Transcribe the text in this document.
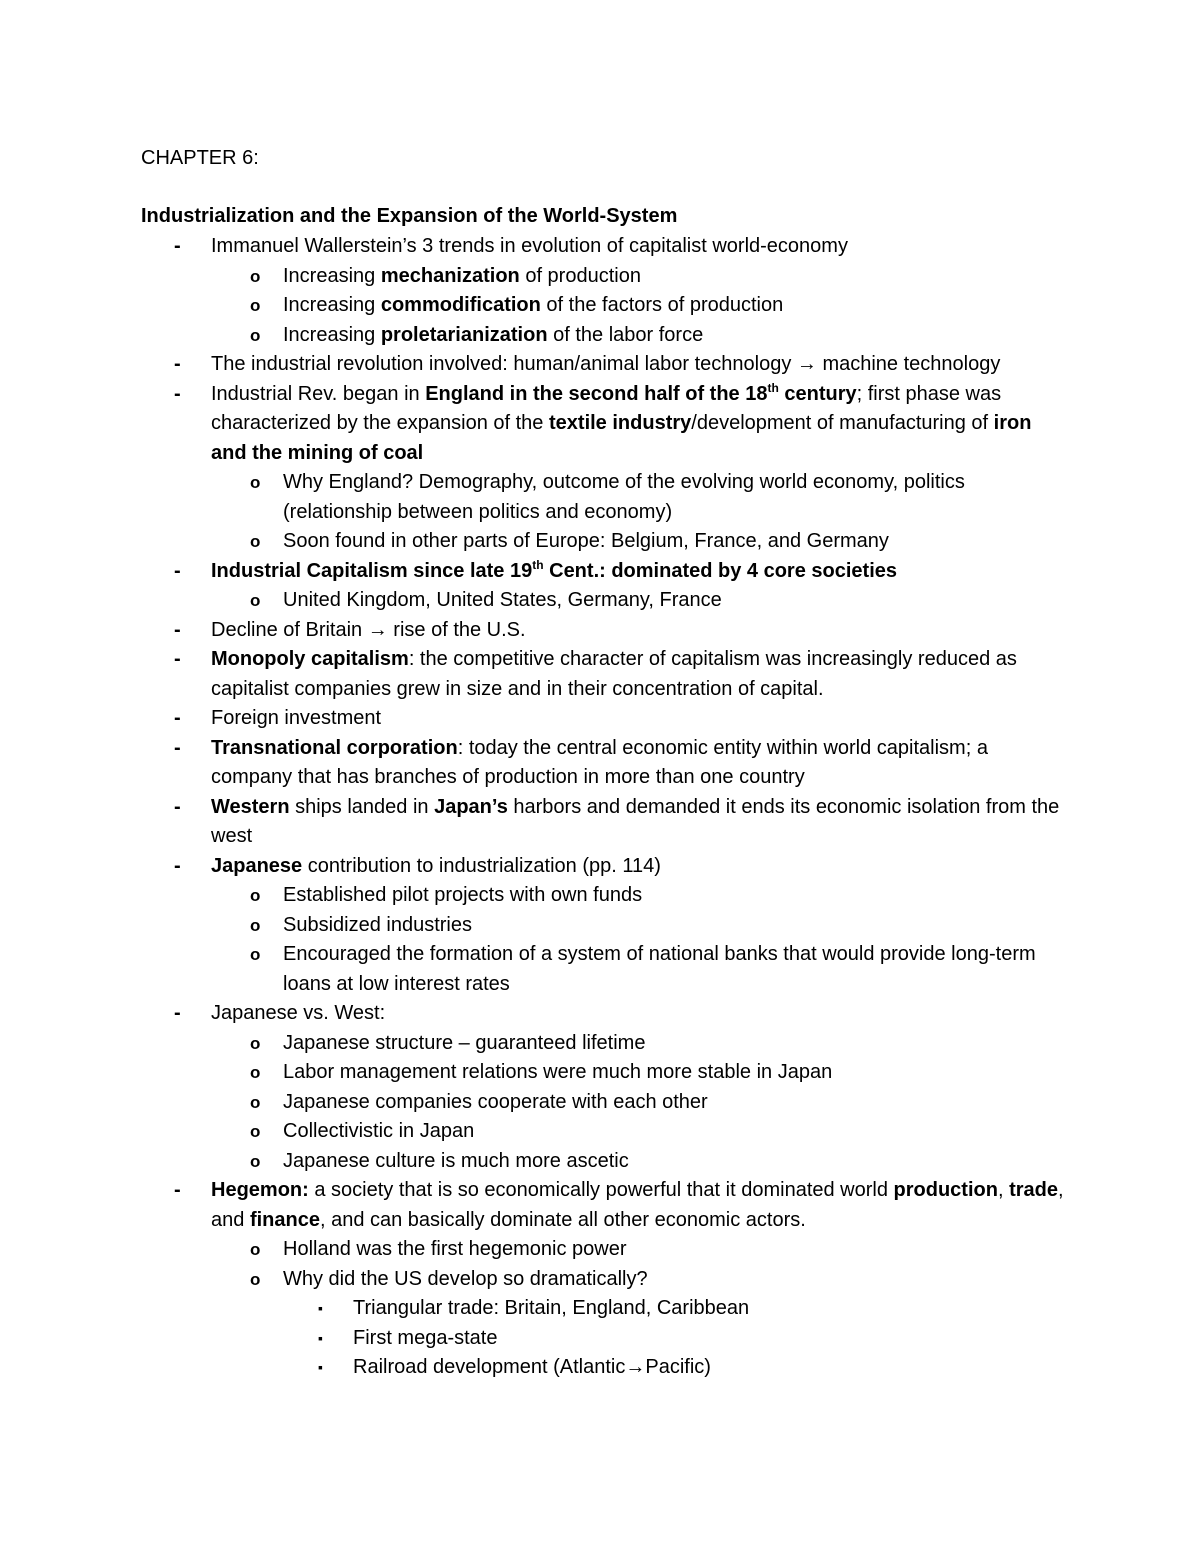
CHAPTER 6:
Industrialization and the Expansion of the World-System
- Immanuel Wallerstein’s 3 trends in evolution of capitalist world-economy
o Increasing mechanization of production
o Increasing commodification of the factors of production
o Increasing proletarianization of the labor force
- The industrial revolution involved: human/animal labor technology → machine technology
- Industrial Rev. began in England in the second half of the 18th century; first phase was characterized by the expansion of the textile industry/development of manufacturing of iron and the mining of coal
o Why England? Demography, outcome of the evolving world economy, politics (relationship between politics and economy)
o Soon found in other parts of Europe: Belgium, France, and Germany
- Industrial Capitalism since late 19th Cent.: dominated by 4 core societies
o United Kingdom, United States, Germany, France
- Decline of Britain → rise of the U.S.
- Monopoly capitalism: the competitive character of capitalism was increasingly reduced as capitalist companies grew in size and in their concentration of capital.
- Foreign investment
- Transnational corporation: today the central economic entity within world capitalism; a company that has branches of production in more than one country
- Western ships landed in Japan’s harbors and demanded it ends its economic isolation from the west
- Japanese contribution to industrialization (pp. 114)
o Established pilot projects with own funds
o Subsidized industries
o Encouraged the formation of a system of national banks that would provide long-term loans at low interest rates
- Japanese vs. West:
o Japanese structure – guaranteed lifetime
o Labor management relations were much more stable in Japan
o Japanese companies cooperate with each other
o Collectivistic in Japan
o Japanese culture is much more ascetic
- Hegemon: a society that is so economically powerful that it dominated world production, trade, and finance, and can basically dominate all other economic actors.
o Holland was the first hegemonic power
o Why did the US develop so dramatically?
▪ Triangular trade: Britain, England, Caribbean
▪ First mega-state
▪ Railroad development (Atlantic→Pacific)
